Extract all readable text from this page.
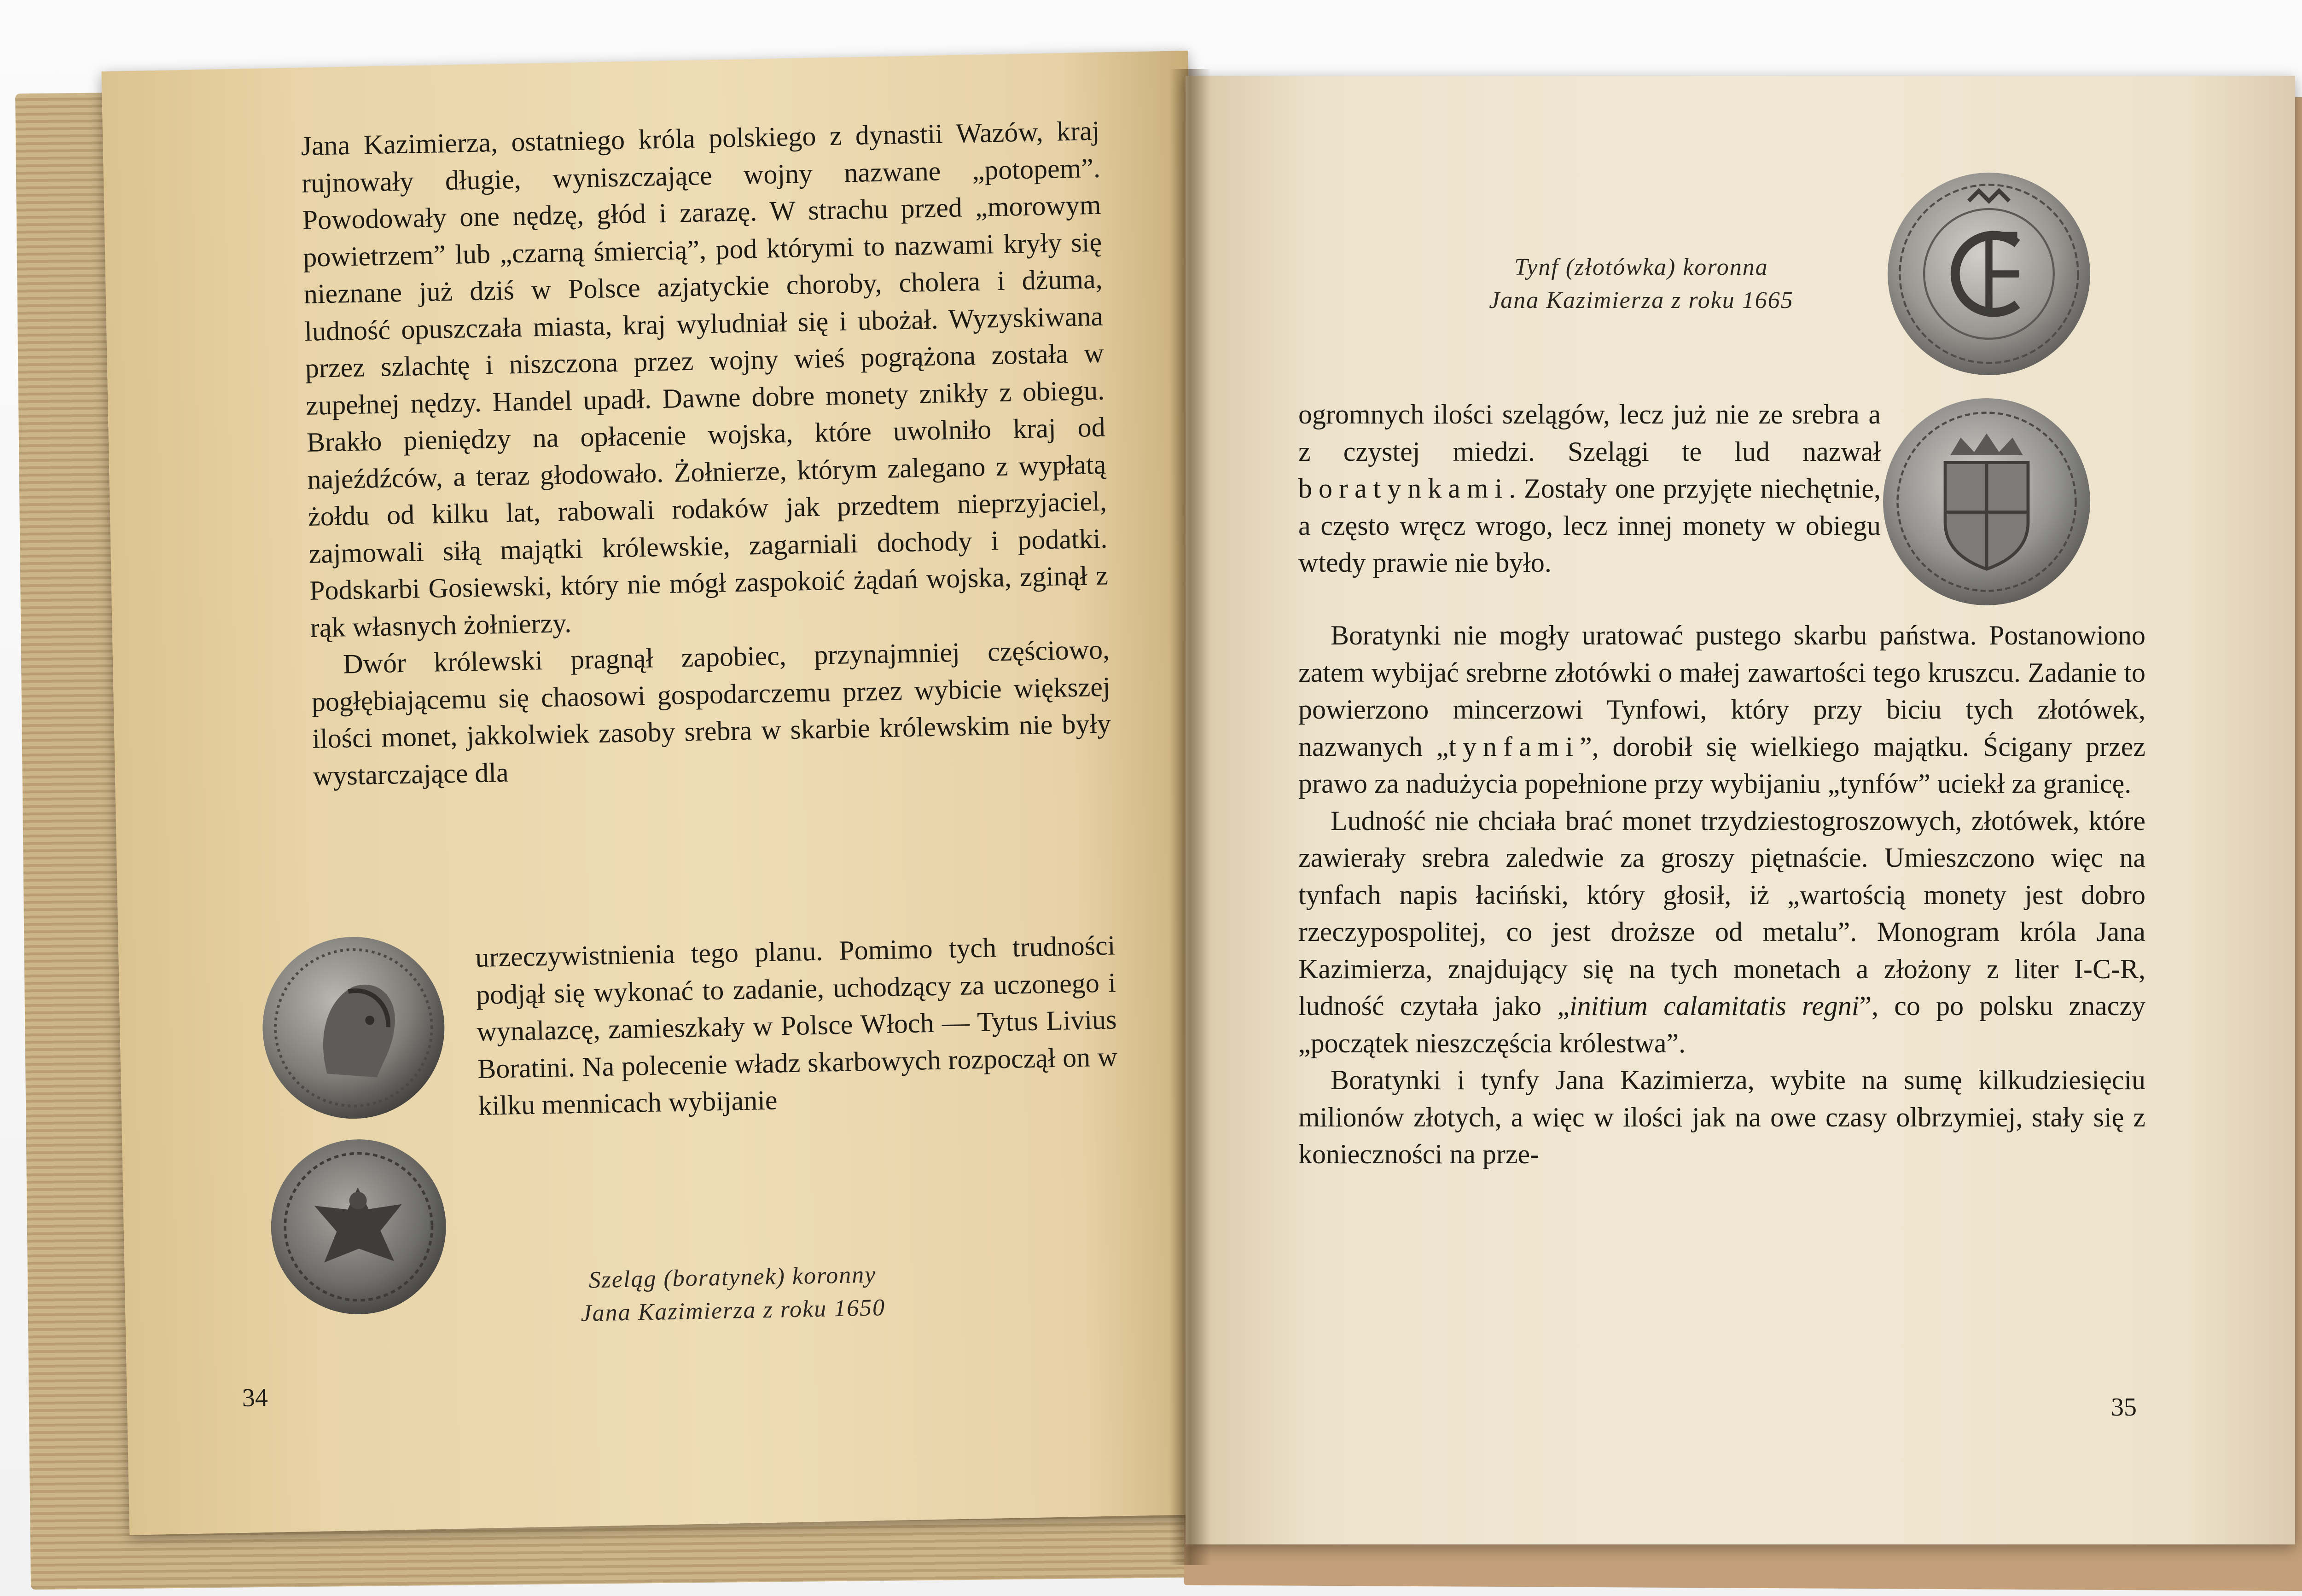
Jana Kazimierza, ostatniego króla polskiego z dynastii Wazów, kraj rujnowały długie, wyniszczające wojny nazwane „potopem”. Powodowały one nędzę, głód i zarazę. W strachu przed „morowym powietrzem” lub „czarną śmiercią”, pod którymi to nazwami kryły się nieznane już dziś w Polsce azjatyckie choroby, cholera i dżuma, ludność opuszczała miasta, kraj wyludniał się i ubożał. Wyzyskiwana przez szlachtę i niszczona przez wojny wieś pogrążona została w zupełnej nędzy. Handel upadł. Dawne dobre monety znikły z obiegu. Brakło pieniędzy na opłacenie wojska, które uwolniło kraj od najeźdźców, a teraz głodowało. Żołnierze, którym zalegano z wypłatą żołdu od kilku lat, rabowali rodaków jak przedtem nieprzyjaciel, zajmowali siłą majątki królewskie, zagarniali dochody i podatki. Podskarbi Gosiewski, który nie mógł zaspokoić żądań wojska, zginął z rąk własnych żołnierzy.

Dwór królewski pragnął zapobiec, przynajmniej częściowo, pogłębiającemu się chaosowi gospodarczemu przez wybicie większej ilości monet, jakkolwiek zasoby srebra w skarbie królewskim nie były wystarczające dla

urzeczywistnienia tego planu. Pomimo tych trudności podjął się wykonać to zadanie, uchodzący za uczonego i wynalazcę, zamieszkały w Polsce Włoch — Tytus Livius Boratini. Na polecenie władz skarbowych rozpoczął on w kilku mennicach wybijanie

Szeląg (boratynek) koronny
Jana Kazimierza z roku 1650
34
Tynf (złotówka) koronna
Jana Kazimierza z roku 1665

ogromnych ilości szelągów, lecz już nie ze srebra a z czystej miedzi. Szelągi te lud nazwał boratynkami. Zostały one przyjęte niechętnie, a często wręcz wrogo, lecz innej monety w obiegu wtedy prawie nie było.

Boratynki nie mogły uratować pustego skarbu państwa. Postanowiono zatem wybijać srebrne złotówki o małej zawartości tego kruszcu. Zadanie to powierzono mincerzowi Tynfowi, który przy biciu tych złotówek, nazwanych „tynfami”, dorobił się wielkiego majątku. Ścigany przez prawo za nadużycia popełnione przy wybijaniu „tynfów” uciekł za granicę.

Ludność nie chciała brać monet trzydziestogroszowych, złotówek, które zawierały srebra zaledwie za groszy piętnaście. Umieszczono więc na tynfach napis łaciński, który głosił, iż „wartością monety jest dobro rzeczypospolitej, co jest droższe od metalu”. Monogram króla Jana Kazimierza, znajdujący się na tych monetach a złożony z liter I-C-R, ludność czytała jako „initium calamitatis regni”, co po polsku znaczy „początek nieszczęścia królestwa”.

Boratynki i tynfy Jana Kazimierza, wybite na sumę kilkudziesięciu milionów złotych, a więc w ilości jak na owe czasy olbrzymiej, stały się z konieczności na prze-

35
